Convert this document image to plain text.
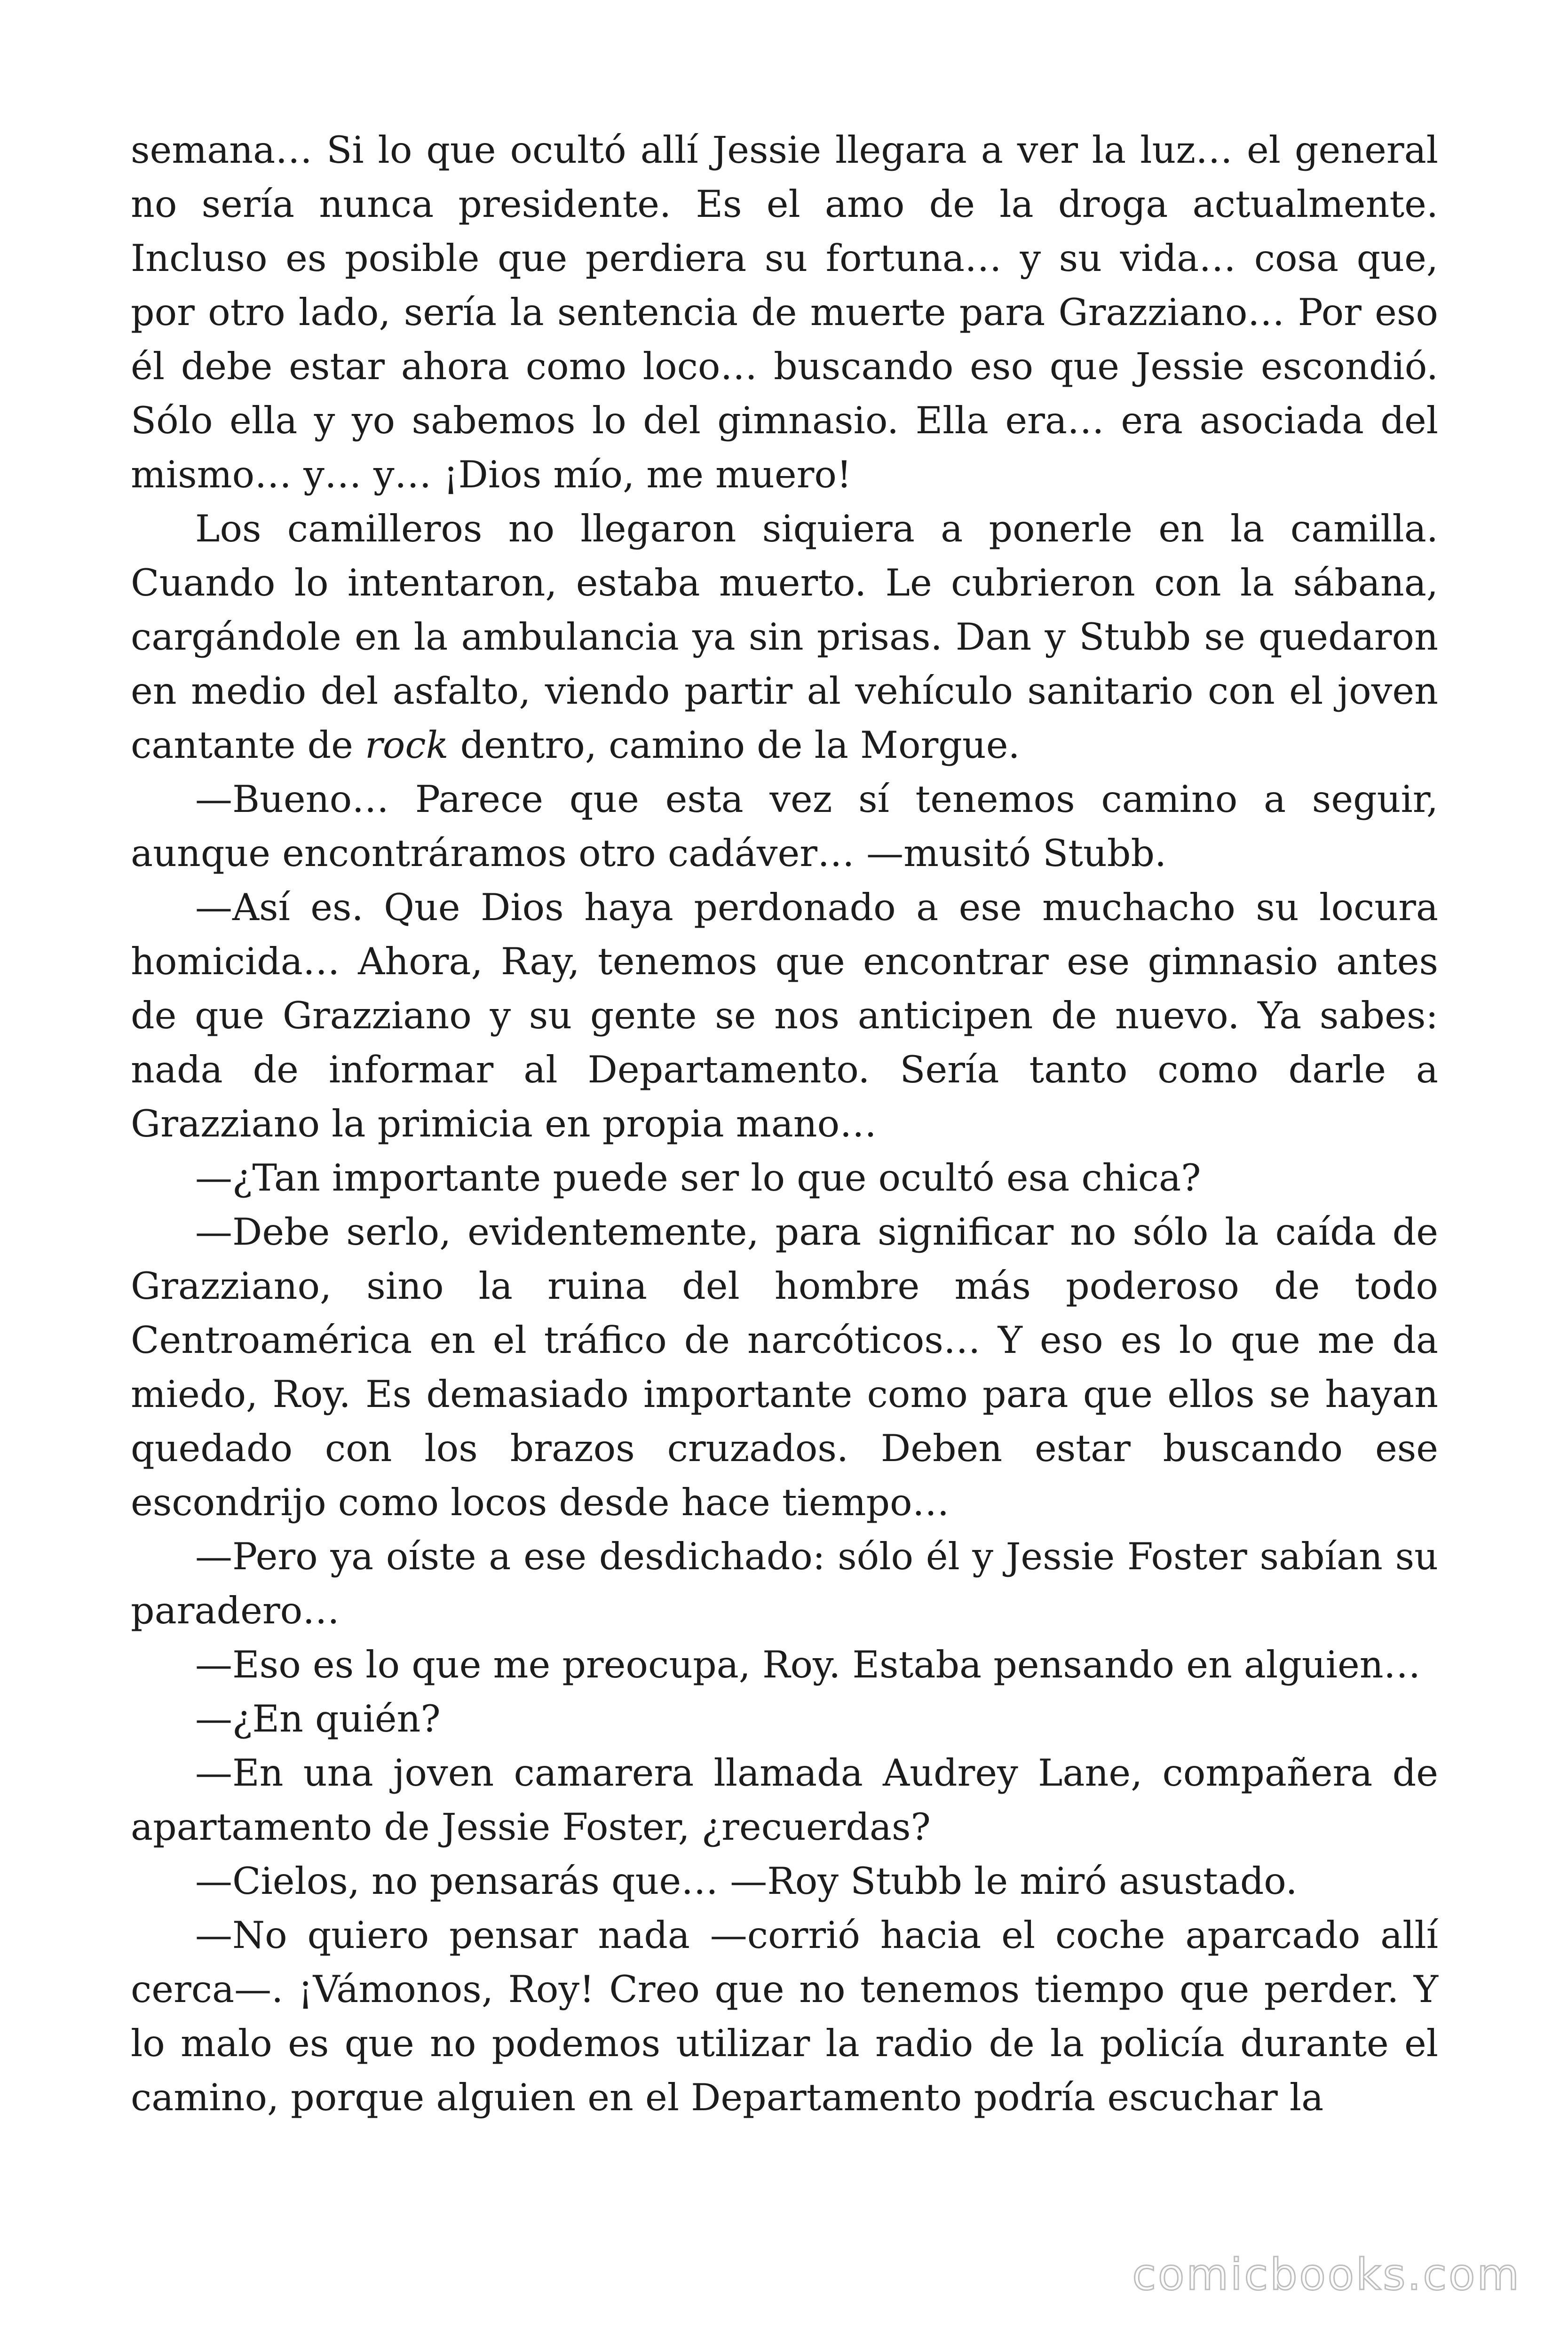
semana… Si lo que ocultó allí Jessie llegara a ver la luz… el general no sería nunca presidente. Es el amo de la droga actualmente. Incluso es posible que perdiera su fortuna… y su vida… cosa que, por otro lado, sería la sentencia de muerte para Grazziano… Por eso él debe estar ahora como loco… buscando eso que Jessie escondió. Sólo ella y yo sabemos lo del gimnasio. Ella era… era asociada del mismo… y… y… ¡Dios mío, me muero!

Los camilleros no llegaron siquiera a ponerle en la camilla. Cuando lo intentaron, estaba muerto. Le cubrieron con la sábana, cargándole en la ambulancia ya sin prisas. Dan y Stubb se quedaron en medio del asfalto, viendo partir al vehículo sanitario con el joven cantante de rock dentro, camino de la Morgue.

—Bueno… Parece que esta vez sí tenemos camino a seguir, aunque encontráramos otro cadáver… —musitó Stubb.

—Así es. Que Dios haya perdonado a ese muchacho su locura homicida… Ahora, Ray, tenemos que encontrar ese gimnasio antes de que Grazziano y su gente se nos anticipen de nuevo. Ya sabes: nada de informar al Departamento. Sería tanto como darle a Grazziano la primicia en propia mano…

—¿Tan importante puede ser lo que ocultó esa chica?

—Debe serlo, evidentemente, para significar no sólo la caída de Grazziano, sino la ruina del hombre más poderoso de todo Centroamérica en el tráfico de narcóticos… Y eso es lo que me da miedo, Roy. Es demasiado importante como para que ellos se hayan quedado con los brazos cruzados. Deben estar buscando ese escondrijo como locos desde hace tiempo…

—Pero ya oíste a ese desdichado: sólo él y Jessie Foster sabían su paradero…

—Eso es lo que me preocupa, Roy. Estaba pensando en alguien…

—¿En quién?

—En una joven camarera llamada Audrey Lane, compañera de apartamento de Jessie Foster, ¿recuerdas?

—Cielos, no pensarás que… —Roy Stubb le miró asustado.

—No quiero pensar nada —corrió hacia el coche aparcado allí cerca—. ¡Vámonos, Roy! Creo que no tenemos tiempo que perder. Y lo malo es que no podemos utilizar la radio de la policía durante el camino, porque alguien en el Departamento podría escuchar la

comicbooks.com
